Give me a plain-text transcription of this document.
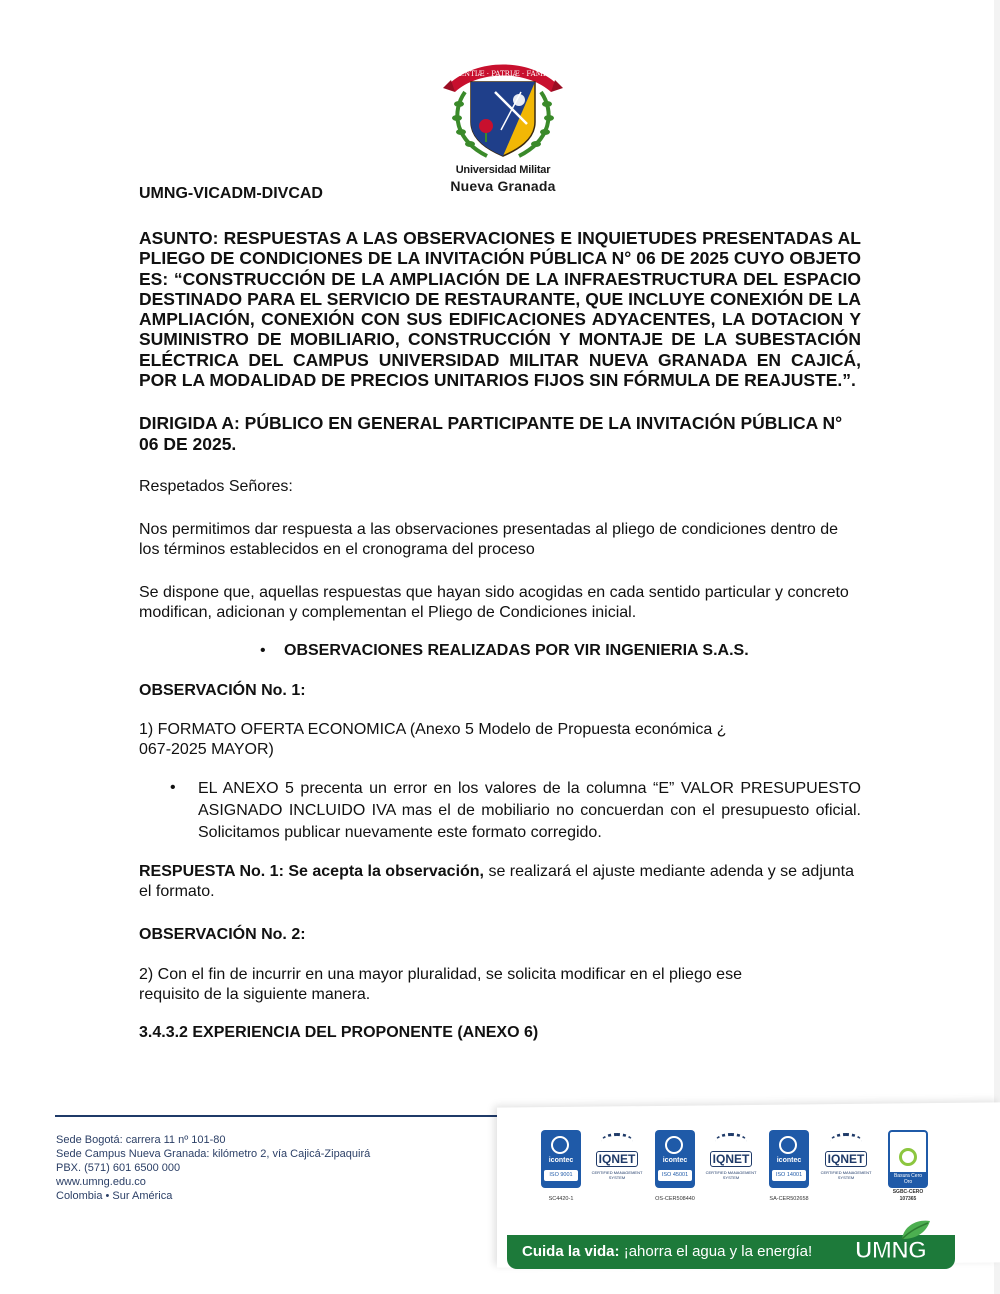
SCIENTIÆ · PATRIÆ · FAMILIÆ
Universidad Militar
Nueva Granada

UMNG-VICADM-DIVCAD

ASUNTO: RESPUESTAS A LAS OBSERVACIONES E INQUIETUDES PRESENTADAS AL PLIEGO DE CONDICIONES DE LA INVITACIÓN PÚBLICA N° 06 DE 2025 CUYO OBJETO ES: “CONSTRUCCIÓN DE LA AMPLIACIÓN DE LA INFRAESTRUCTURA DEL ESPACIO DESTINADO PARA EL SERVICIO DE RESTAURANTE, QUE INCLUYE CONEXIÓN DE LA AMPLIACIÓN, CONEXIÓN CON SUS EDIFICACIONES ADYACENTES, LA DOTACION Y SUMINISTRO DE MOBILIARIO, CONSTRUCCIÓN Y MONTAJE DE LA SUBESTACIÓN ELÉCTRICA DEL CAMPUS UNIVERSIDAD MILITAR NUEVA GRANADA EN CAJICÁ, POR LA MODALIDAD DE PRECIOS UNITARIOS FIJOS SIN FÓRMULA DE REAJUSTE.”.

DIRIGIDA A: PÚBLICO EN GENERAL PARTICIPANTE DE LA INVITACIÓN PÚBLICA N° 06 DE 2025.

Respetados Señores:

Nos permitimos dar respuesta a las observaciones presentadas al pliego de condiciones dentro de los términos establecidos en el cronograma del proceso

Se dispone que, aquellas respuestas que hayan sido acogidas en cada sentido particular y concreto modifican, adicionan y complementan el Pliego de Condiciones inicial.

•	OBSERVACIONES REALIZADAS POR VIR INGENIERIA S.A.S.

OBSERVACIÓN No. 1:

1) FORMATO OFERTA ECONOMICA (Anexo 5 Modelo de Propuesta económica ¿
067-2025 MAYOR)

•	EL ANEXO 5 precenta un error en los valores de la columna “E” VALOR PRESUPUESTO ASIGNADO INCLUIDO IVA mas el de mobiliario no concuerdan con el presupuesto oficial. Solicitamos publicar nuevamente este formato corregido.

RESPUESTA No. 1: Se acepta la observación, se realizará el ajuste mediante adenda y se adjunta el formato.

OBSERVACIÓN No. 2:

2) Con el fin de incurrir en una mayor pluralidad, se solicita modificar en el pliego ese
requisito de la siguiente manera.

3.4.3.2 EXPERIENCIA DEL PROPONENTE (ANEXO 6)

Sede Bogotá: carrera 11 nº 101-80
Sede Campus Nueva Granada: kilómetro 2, vía Cajicá-Zipaquirá
PBX. (571) 601 6500 000
www.umng.edu.co
Colombia • Sur América
icontec
ISO 9001
SC4420-1
IQNET
CERTIFIED MANAGEMENT SYSTEM
icontec
ISO 45001
OS-CER508440
IQNET
CERTIFIED MANAGEMENT SYSTEM
icontec
ISO 14001
SA-CER502658
IQNET
CERTIFIED MANAGEMENT SYSTEM	Basura Cero Oro
SGBC-CERO
107365
Cuida la vida: ¡ahorra el agua y la energía! UMNG
